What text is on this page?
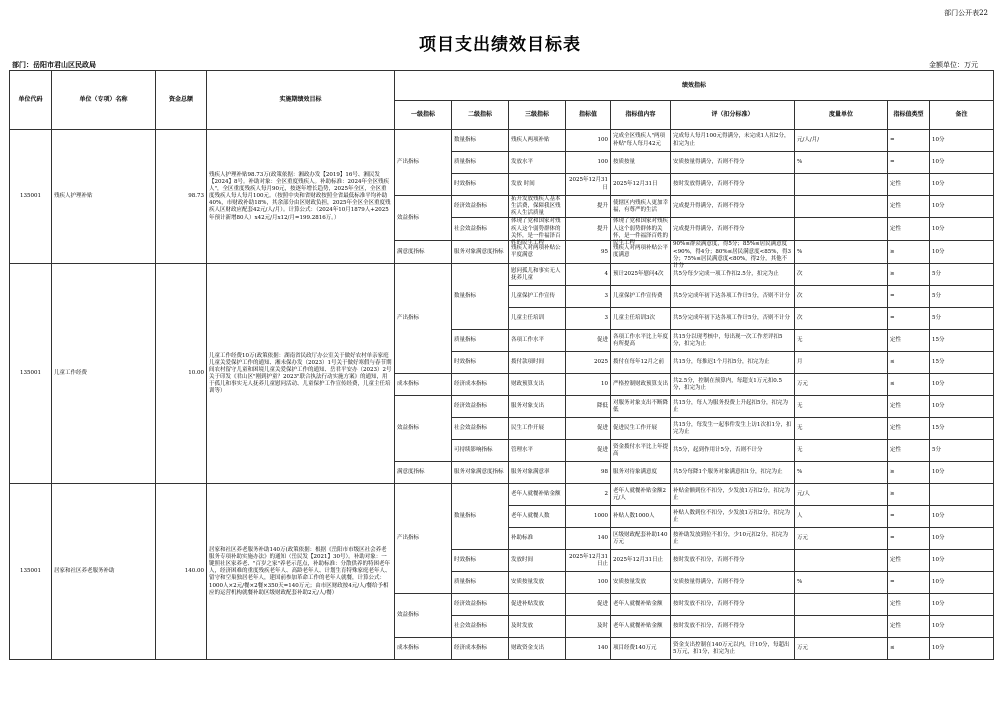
部门公开表22
项目支出绩效目标表
部门：岳阳市君山区民政局	金额单位：万元
单位代码	单位（专项）名称	资金总额	实施期绩效目标	绩效指标								
				一级指标	二级指标	三级指标	指标值	指标值内容	评（扣分标准）	度量单位	指标值类型	备注
135001	残疾人护理补贴	98.73	残疾人护理补贴98.73万(政策依据：湘政办发【2019】16号、湘民发【2024】8号。补助对象：全区重度残疾人。补助标准：2024年全区残疾人"，全区重度残疾人每月90元，按逐年增长趋势，2025年全区，全区重度残疾人每人每月100元。（按照中央和省财政按照全省最低标准平均补助40%，市财政补助18%，其余部分由区财政负担，2025年全区全区重度残疾人区财政应配套42元/人/月）。计算公式：（2024年10月1879人+2025年预计新增80人）x42元/月x12/月=199.2816万。）	产出指标	数量指标	残疾人两项补贴	100	完成全区残疾人"两项补贴"每人每月42元	完成每人每月100元得满分，未完成1人扣2分，扣完为止	元/人/月/	=	10分
					质量指标	发放水平	100	按质按量	安质按量得满分，否则不得分	%	=	10分
					时效指标	发放 时间	2025年12月31日	2025年12月31日	按时发放得满分，否则不得分		定性	10分
				效益指标	经济效益指标	拓开发放残疾人基本生活费，保障我区残疾人生活质量	提升	使辖区内残疾人更加幸福，有尊严的生活	完成提升得满分，否则不得分		定性	10分
					社会效益指标	体现了党和国家对残疾人这个弱势群体的关怀，是一件福泽百姓的民生工程	提升	体现了党和国家对残疾人这个弱势群体的关怀，是一件福泽百姓的民生工程	完成提升得满分，否则不得分		定性	10分
				满意度指标	服务对象满意度指标	残疾人对两项补贴公平度满意	95	残疾人对两项补贴公平度满意	90%≤群众满意度，得5分；85%≤居民满意度<90%，得4分；80%≤居民满意度<85%，得3分；75%≤居民满意度<80%，得2分，其他不计分	%	≥	10分
135001	儿童工作经费	10.00	儿童工作经费10万(政策依据：湖南省民政厅办公室关于做好农村单亲家庭儿童关爱保护工作的通知、湘未保办发（2023）1号关于做好寒假与春节期间农村留守儿童和困境儿童关爱保护工作的通知、岳君平安办（2023）2号关于印发《君山区"刚到护童？2023"联合执法行动实施方案》的通知，用于孤儿和事实无人抚养儿童慰问活动、儿童保护工作宣传经费，儿童主任培训等）	产出指标	数量指标	慰问孤儿和事实无人抚养儿童	4	预计2025年慰问4次	共5分每少完成一项工作扣2.5分，扣完为止	次	≥	5分

						儿童保护工作宣传	3	儿童保护工作宣传费	共5分完成年初下达各项工作计5分，否则不计分	次	=	5分

						儿童主任培训	3	儿童主任培训3次	共5分完成年初下达各项工作计5分，否则不计分	次	=	5分
					质量指标	各项工作水平	促进	各项工作水平比上年度有所提高	共15分以现考核中，每出现一次工作差评扣5分，扣完为止	无	定性	15分
					时效指标	拨付款项时间	2025	拨付在每年12月之前	共15分，每推迟1个月扣5分，扣完为止	月	≤	15分
				成本指标	经济成本指标	财政预算支出	10	严格控制财政预算支出	共2.5分，控制在预算内，每超支1万元扣0.5分，扣完为止	万元	≤	10分
				效益指标	经济效益指标	服务对象支出	降低	对服务对象支出不断降低	共15分，每人为服务投费上升起扣5分，扣完为止	无	定性	10分
					社会效益指标	民生工作开展	促进	促进民生工作开展	共15分，每发生一起事件发生上访1次扣1分，扣完为止	无	定性	15分
					可持续影响指标	管理水平	促进	资金拨付水平比上年提高	共5分，起到作用计5分，否则不计分	无	定性	5分
				满意度指标	服务对象满意度指标	服务对象满意率	98	服务对待象满意度	共5分每降1个服务对象满意扣1分，扣完为止	%	≥	10分
135001	居家和社区养老服务补助	140.00	居家和社区养老服务补助140万(政策依据：根据《岳阳市市级区社会养老服务专项补助实施办法》的通知（岳民发【2021】30号）。补助对象：一键照社区家养老、"百岁之家"养老示范点，补助标准：分散供养的特困老年人，经济困难的重度残疾老年人、高龄老年人、计划生育特殊家庭老年人、留守和空巢独居老年人，建国前参加革命工作的老年人就餐，计算公式：1000人×2元/餐×2餐×350天=140万元；由市区财政按4元/人/餐给予相应的运营机构就餐补助区级财政配套补助2元/人/餐）	产出指标	数量指标	老年人就餐补贴金额	2	老年人就餐补贴金额2元/人	补贴金额到位不扣分，少发放1万扣2分，扣完为止	元/人	≥	

						老年人就餐人数	1000	补贴人数1000人	补贴人数到位不扣分，少发放1万扣2分，扣完为止	人	=	10分

						补助标准	140	区级财政配套补助140万元	按补助发放到位不扣分，少10元扣2分，扣完为止	万元	=	10分
					时效指标	发放时间	2025年12月31日止	2025年12月31日止	按时发放不扣分，否则不得分		定性	10分
					质量指标	安质按量发放	100	安质按量发放	安质按量得满分，否则不得分	%	=	10分
				效益指标	经济效益指标	促进补贴发放	促进	老年人就餐补贴金额	按时发放不扣分，否则不得分		定性	10分
					社会效益指标	及时发放	及时	老年人就餐补贴金额	按时发放不扣分，否则不得分		定性	10分
				成本指标	经济成本指标	财政资金支出	140	项目经费140万元	资金支出控制在140万元以内，计10分，每超出5万元，扣1分，扣完为止	万元	≤	10分
